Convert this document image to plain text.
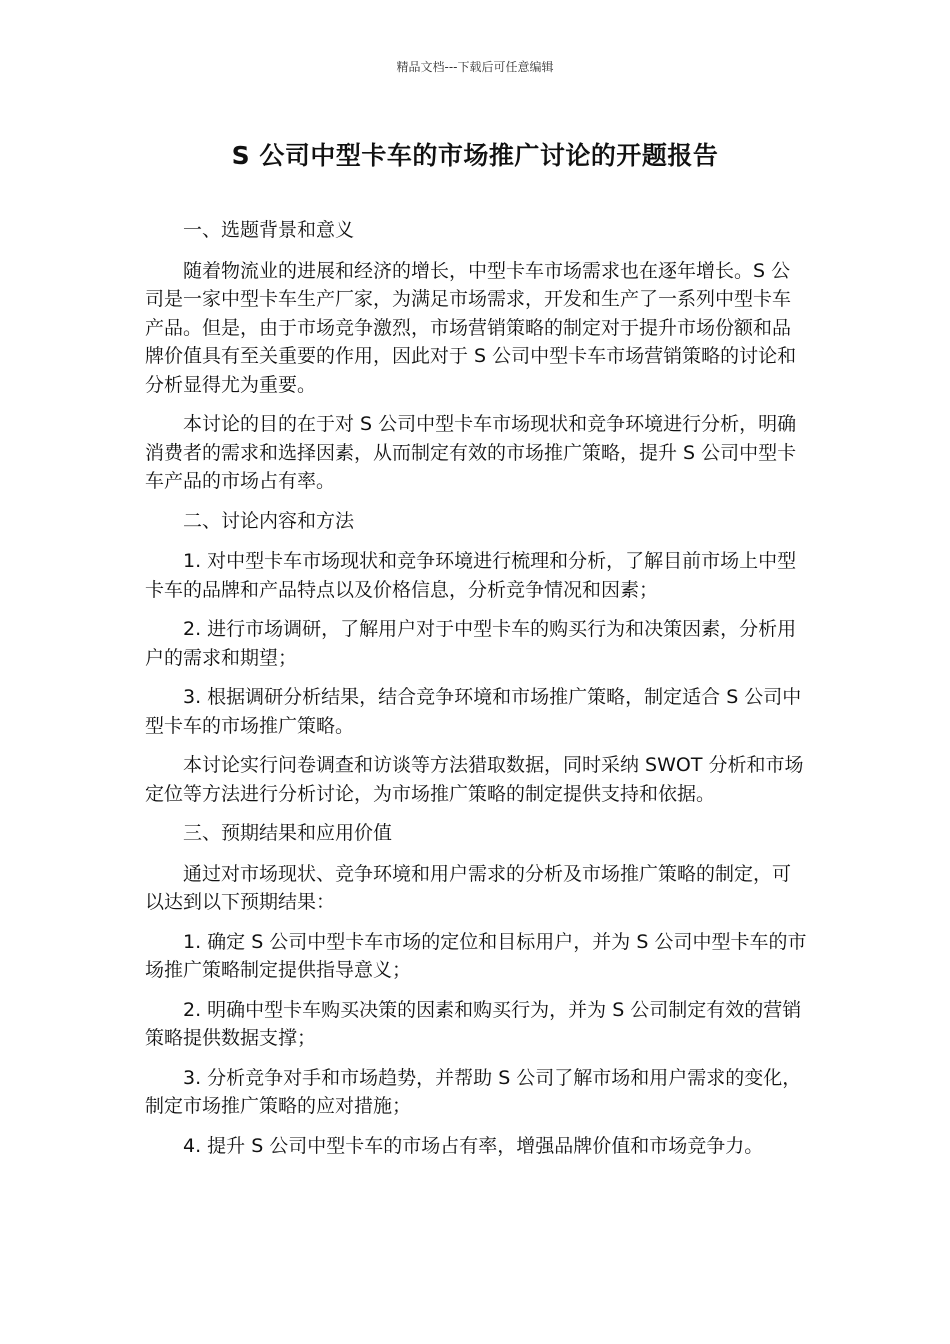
精品文档---下载后可任意编辑
S 公司中型卡车的市场推广讨论的开题报告

一、选题背景和意义

随着物流业的进展和经济的增长，中型卡车市场需求也在逐年增长。S 公司是一家中型卡车生产厂家，为满足市场需求，开发和生产了一系列中型卡车产品。但是，由于市场竞争激烈，市场营销策略的制定对于提升市场份额和品牌价值具有至关重要的作用，因此对于 S 公司中型卡车市场营销策略的讨论和分析显得尤为重要。

本讨论的目的在于对 S 公司中型卡车市场现状和竞争环境进行分析，明确消费者的需求和选择因素，从而制定有效的市场推广策略，提升 S 公司中型卡车产品的市场占有率。

二、讨论内容和方法

1. 对中型卡车市场现状和竞争环境进行梳理和分析，了解目前市场上中型卡车的品牌和产品特点以及价格信息，分析竞争情况和因素；

2. 进行市场调研，了解用户对于中型卡车的购买行为和决策因素，分析用户的需求和期望；

3. 根据调研分析结果，结合竞争环境和市场推广策略，制定适合 S 公司中型卡车的市场推广策略。

本讨论实行问卷调查和访谈等方法猎取数据，同时采纳 SWOT 分析和市场定位等方法进行分析讨论，为市场推广策略的制定提供支持和依据。

三、预期结果和应用价值

通过对市场现状、竞争环境和用户需求的分析及市场推广策略的制定，可以达到以下预期结果：

1. 确定 S 公司中型卡车市场的定位和目标用户，并为 S 公司中型卡车的市场推广策略制定提供指导意义；

2. 明确中型卡车购买决策的因素和购买行为，并为 S 公司制定有效的营销策略提供数据支撑；

3. 分析竞争对手和市场趋势，并帮助 S 公司了解市场和用户需求的变化，制定市场推广策略的应对措施；

4. 提升 S 公司中型卡车的市场占有率，增强品牌价值和市场竞争力。
